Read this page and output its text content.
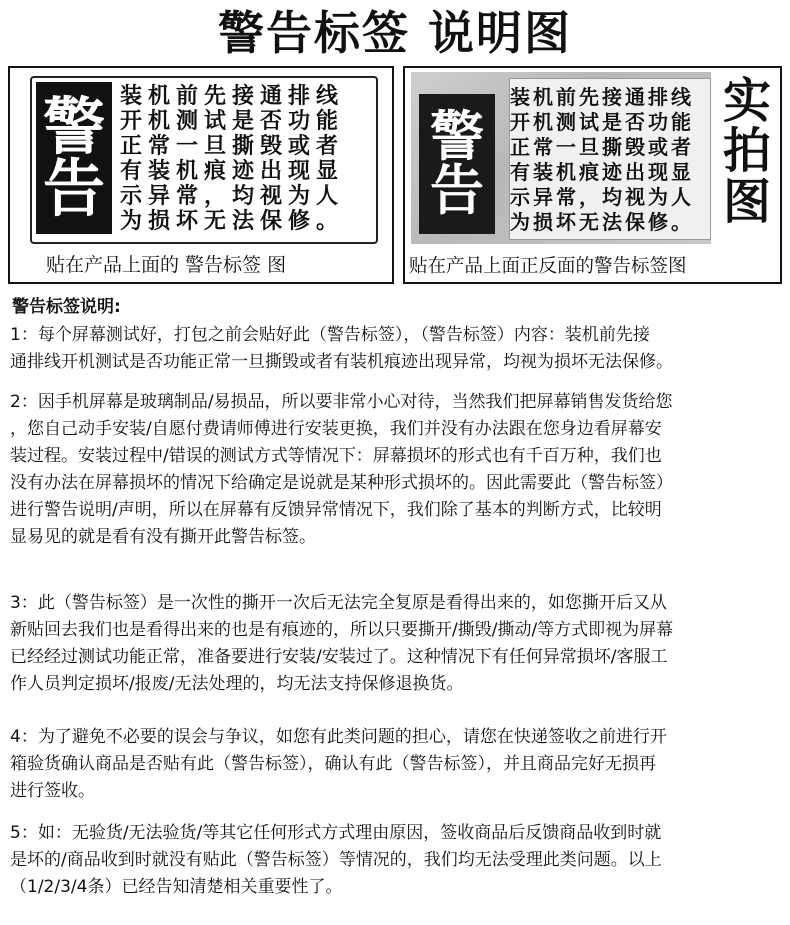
警告标签 说明图
警
告
装机前先接通排线
开机测试是否功能
正常一旦撕毁或者
有装机痕迹出现显
示异常，均视为人
为损坏无法保修。
贴在产品上面的 警告标签 图
警
告
装机前先接通排线
开机测试是否功能
正常一旦撕毁或者
有装机痕迹出现显
示异常，均视为人
为损坏无法保修。
实
拍
图
贴在产品上面正反面的警告标签图
警告标签说明:
1：每个屏幕测试好，打包之前会贴好此（警告标签），（警告标签）内容：装机前先接
通排线开机测试是否功能正常一旦撕毁或者有装机痕迹出现异常，均视为损坏无法保修。
2：因手机屏幕是玻璃制品/易损品，所以要非常小心对待，当然我们把屏幕销售发货给您
，您自己动手安装/自愿付费请师傅进行安装更换，我们并没有办法跟在您身边看屏幕安
装过程。安装过程中/错误的测试方式等情况下：屏幕损坏的形式也有千百万种，我们也
没有办法在屏幕损坏的情况下给确定是说就是某种形式损坏的。因此需要此（警告标签）
进行警告说明/声明，所以在屏幕有反馈异常情况下，我们除了基本的判断方式，比较明
显易见的就是看有没有撕开此警告标签。
3：此（警告标签）是一次性的撕开一次后无法完全复原是看得出来的，如您撕开后又从
新贴回去我们也是看得出来的也是有痕迹的，所以只要撕开/撕毁/撕动/等方式即视为屏幕
已经经过测试功能正常，准备要进行安装/安装过了。这种情况下有任何异常损坏/客服工
作人员判定损坏/报废/无法处理的，均无法支持保修退换货。
4：为了避免不必要的误会与争议，如您有此类问题的担心，请您在快递签收之前进行开
箱验货确认商品是否贴有此（警告标签），确认有此（警告标签），并且商品完好无损再
进行签收。
5：如：无验货/无法验货/等其它任何形式方式理由原因，签收商品后反馈商品收到时就
是坏的/商品收到时就没有贴此（警告标签）等情况的，我们均无法受理此类问题。以上
（1/2/3/4条）已经告知清楚相关重要性了。
